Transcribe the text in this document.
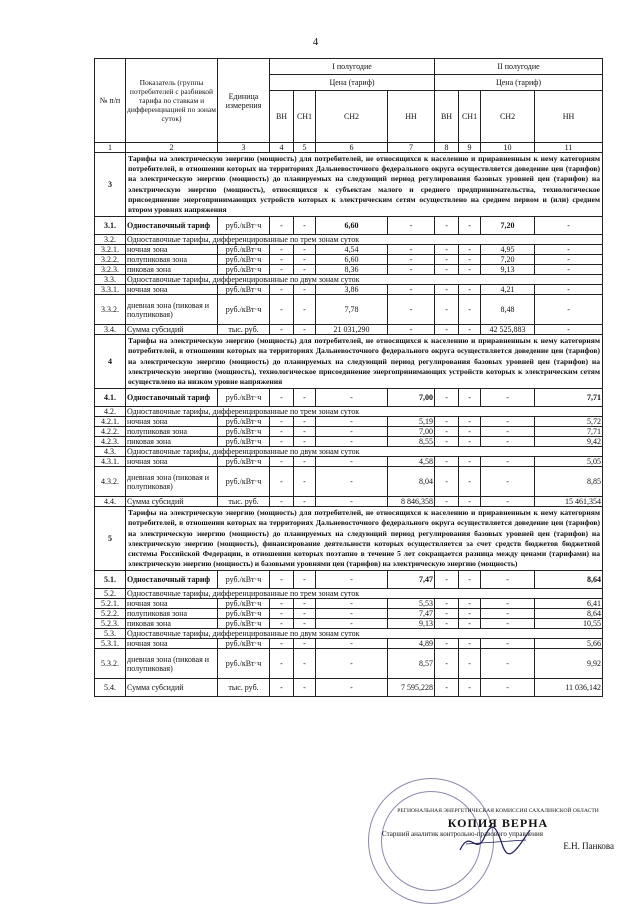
4
№ п/п	Показатель (группы потребителей с разбивкой тарифа по ставкам и дифференциацией по зонам суток)	Единица измерения	I полугодие				II полугодие			
			Цена (тариф)				Цена (тариф)			
			ВН	СН1	СН2	НН	ВН	СН1	СН2	НН
1	2	3	4	5	6	7	8	9	10	11
3	Тарифы на электрическую энергию (мощность) для потребителей, не относящихся к населению и приравненным к нему категориям потребителей, в отношении которых на территориях Дальневосточного федерального округа осуществляется доведение цен (тарифов) на электрическую энергию (мощность) до планируемых на следующий период регулирования базовых уровней цен (тарифов) на электрическую энергию (мощность), относящихся к субъектам малого и среднего предпринимательства, технологическое присоединение энергопринимающих устройств которых к электрическим сетям осуществлено на среднем первом и (или) среднем втором уровнях напряжения									
3.1.	Одноставочный тариф	руб./кВт·ч	-	-	6,60	-	-	-	7,20	-
3.2.	Одноставочные тарифы, дифференцированные по трем зонам суток									
3.2.1.	ночная зона	руб./кВт·ч	-	-	4,54	-	-	-	4,95	-
3.2.2.	полупиковая зона	руб./кВт·ч	-	-	6,60	-	-	-	7,20	-
3.2.3.	пиковая зона	руб./кВт·ч	-	-	8,36	-	-	-	9,13	-
3.3.	Одноставочные тарифы, дифференцированные по двум зонам суток									
3.3.1.	ночная зона	руб./кВт·ч	-	-	3,86	-	-	-	4,21	-
3.3.2.	дневная зона (пиковая и полупиковая)	руб./кВт·ч	-	-	7,78	-	-	-	8,48	-
3.4.	Сумма субсидий	тыс. руб.	-	-	21 031,290	-	-	-	42 525,883	-
4	Тарифы на электрическую энергию (мощность) для потребителей, не относящихся к населению и приравненным к нему категориям потребителей, в отношении которых на территориях Дальневосточного федерального округа осуществляется доведение цен (тарифов) на электрическую энергию (мощность) до планируемых на следующий период регулирования базовых уровней цен (тарифов) на электрическую энергию (мощность), технологическое присоединение энергопринимающих устройств которых к электрическим сетям осуществлено на низком уровне напряжения									
4.1.	Одноставочный тариф	руб./кВт·ч	-	-	-	7,00	-	-	-	7,71
4.2.	Одноставочные тарифы, дифференцированные по трем зонам суток									
4.2.1.	ночная зона	руб./кВт·ч	-	-	-	5,19	-	-	-	5,72
4.2.2.	полупиковая зона	руб./кВт·ч	-	-	-	7,00	-	-	-	7,71
4.2.3.	пиковая зона	руб./кВт·ч	-	-	-	8,55	-	-	-	9,42
4.3.	Одноставочные тарифы, дифференцированные по двум зонам суток									
4.3.1.	ночная зона	руб./кВт·ч	-	-	-	4,58	-	-	-	5,05
4.3.2.	дневная зона (пиковая и полупиковая)	руб./кВт·ч	-	-	-	8,04	-	-	-	8,85
4.4.	Сумма субсидий	тыс. руб.	-	-	-	8 846,358	-	-	-	15 461,354
5	Тарифы на электрическую энергию (мощность) для потребителей, не относящихся к населению и приравненным к нему категориям потребителей, в отношении которых на территориях Дальневосточного федерального округа осуществляется доведение цен (тарифов) на электрическую энергию (мощность) до планируемых на следующий период регулирования базовых уровней цен (тарифов) на электрическую энергию (мощность), финансирование деятельности которых осуществляется за счет средств бюджетов бюджетной системы Российской Федерации, в отношении которых поэтапно в течение 5 лет сокращается разница между ценами (тарифами) на электрическую энергию (мощность) и базовыми уровнями цен (тарифов) на электрическую энергию (мощность)									
5.1.	Одноставочный тариф	руб./кВт·ч	-	-	-	7,47	-	-	-	8,64
5.2.	Одноставочные тарифы, дифференцированные по трем зонам суток									
5.2.1.	ночная зона	руб./кВт·ч	-	-	-	5,53	-	-	-	6,41
5.2.2.	полупиковая зона	руб./кВт·ч	-	-	-	7,47	-	-	-	8,64
5.2.3.	пиковая зона	руб./кВт·ч	-	-	-	9,13	-	-	-	10,55
5.3.	Одноставочные тарифы, дифференцированные по двум зонам суток									
5.3.1.	ночная зона	руб./кВт·ч	-	-	-	4,89	-	-	-	5,66
5.3.2.	дневная зона (пиковая и полупиковая)	руб./кВт·ч	-	-	-	8,57	-	-	-	9,92
5.4.	Сумма субсидий	тыс. руб.	-	-	-	7 595,228	-	-	-	11 036,142
РЕГИОНАЛЬНАЯ ЭНЕРГЕТИЧЕСКАЯ КОМИССИЯ САХАЛИНСКОЙ ОБЛАСТИ
КОПИЯ ВЕРНА
Старший аналитик контрольно-правового управления
Е.Н. Панкова
